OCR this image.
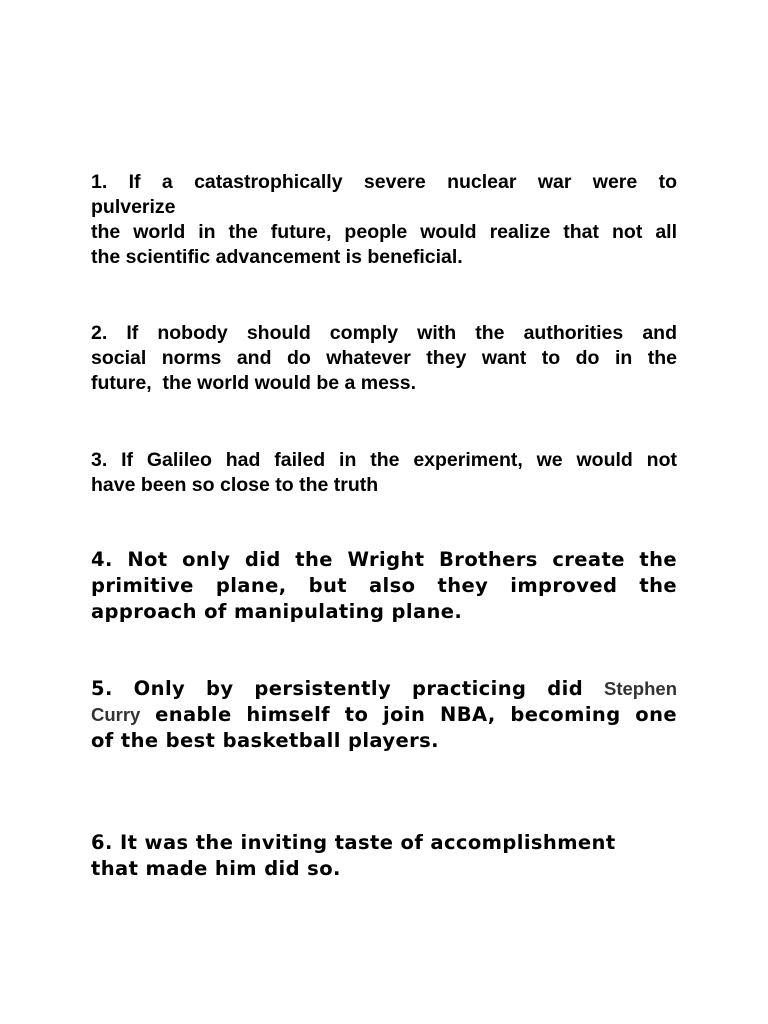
1. If a catastrophically severe nuclear war were to
pulverize
the world in the future, people would realize that not all
the scientific advancement is beneficial.

2. If nobody should comply with the authorities and
social norms and do whatever they want to do in the
future,  the world would be a mess.

3. If Galileo had failed in the experiment, we would not
have been so close to the truth

4. Not only did the Wright Brothers create the
primitive plane, but also they improved the
approach of manipulating plane.

5. Only by persistently practicing did Stephen
Curry enable himself to join NBA, becoming one
of the best basketball players.

6. It was the inviting taste of accomplishment
that made him did so.
